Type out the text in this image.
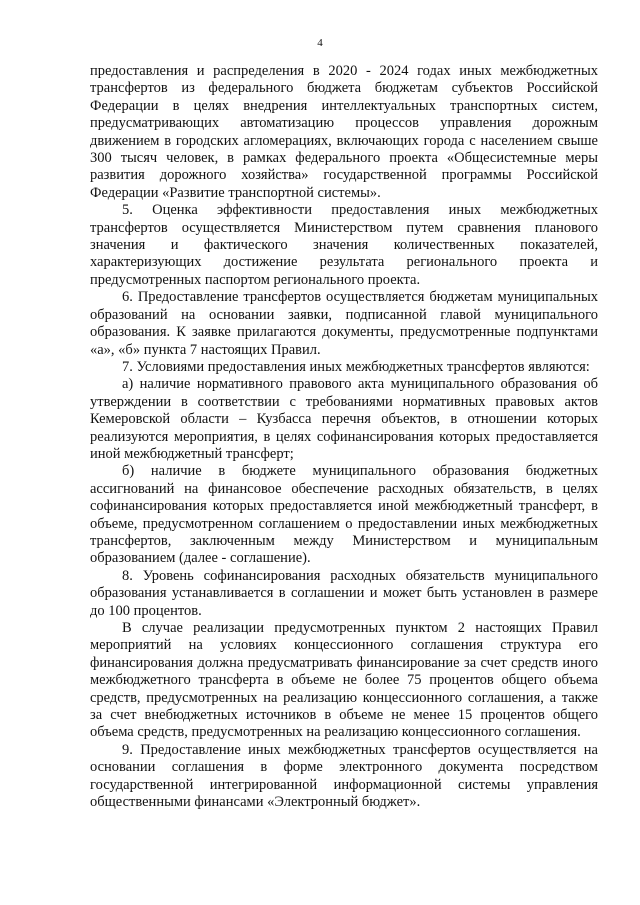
4

предоставления и распределения в 2020 - 2024 годах иных межбюджетных трансфертов из федерального бюджета бюджетам субъектов Российской Федерации в целях внедрения интеллектуальных транспортных систем, предусматривающих автоматизацию процессов управления дорожным движением в городских агломерациях, включающих города с населением свыше 300 тысяч человек, в рамках федерального проекта «Общесистемные меры развития дорожного хозяйства» государственной программы Российской Федерации «Развитие транспортной системы».

5. Оценка эффективности предоставления иных межбюджетных трансфертов осуществляется Министерством путем сравнения планового значения и фактического значения количественных показателей, характеризующих достижение результата регионального проекта и предусмотренных паспортом регионального проекта.

6. Предоставление трансфертов осуществляется бюджетам муниципальных образований на основании заявки, подписанной главой муниципального образования. К заявке прилагаются документы, предусмотренные подпунктами «а», «б» пункта 7 настоящих Правил.

7. Условиями предоставления иных межбюджетных трансфертов являются:

а) наличие нормативного правового акта муниципального образования об утверждении в соответствии с требованиями нормативных правовых актов Кемеровской области – Кузбасса перечня объектов, в отношении которых реализуются мероприятия, в целях софинансирования которых предоставляется иной межбюджетный трансферт;

б) наличие в бюджете муниципального образования бюджетных ассигнований на финансовое обеспечение расходных обязательств, в целях софинансирования которых предоставляется иной межбюджетный трансферт, в объеме, предусмотренном соглашением о предоставлении иных межбюджетных трансфертов, заключенным между Министерством и муниципальным образованием (далее - соглашение).

8. Уровень софинансирования расходных обязательств муниципального образования устанавливается в соглашении и может быть установлен в размере до 100 процентов.

В случае реализации предусмотренных пунктом 2 настоящих Правил мероприятий на условиях концессионного соглашения структура его финансирования должна предусматривать финансирование за счет средств иного межбюджетного трансферта в объеме не более 75 процентов общего объема средств, предусмотренных на реализацию концессионного соглашения, а также за счет внебюджетных источников в объеме не менее 15 процентов общего объема средств, предусмотренных на реализацию концессионного соглашения.

9. Предоставление иных межбюджетных трансфертов осуществляется на основании соглашения в форме электронного документа посредством государственной интегрированной информационной системы управления общественными финансами «Электронный бюджет».
